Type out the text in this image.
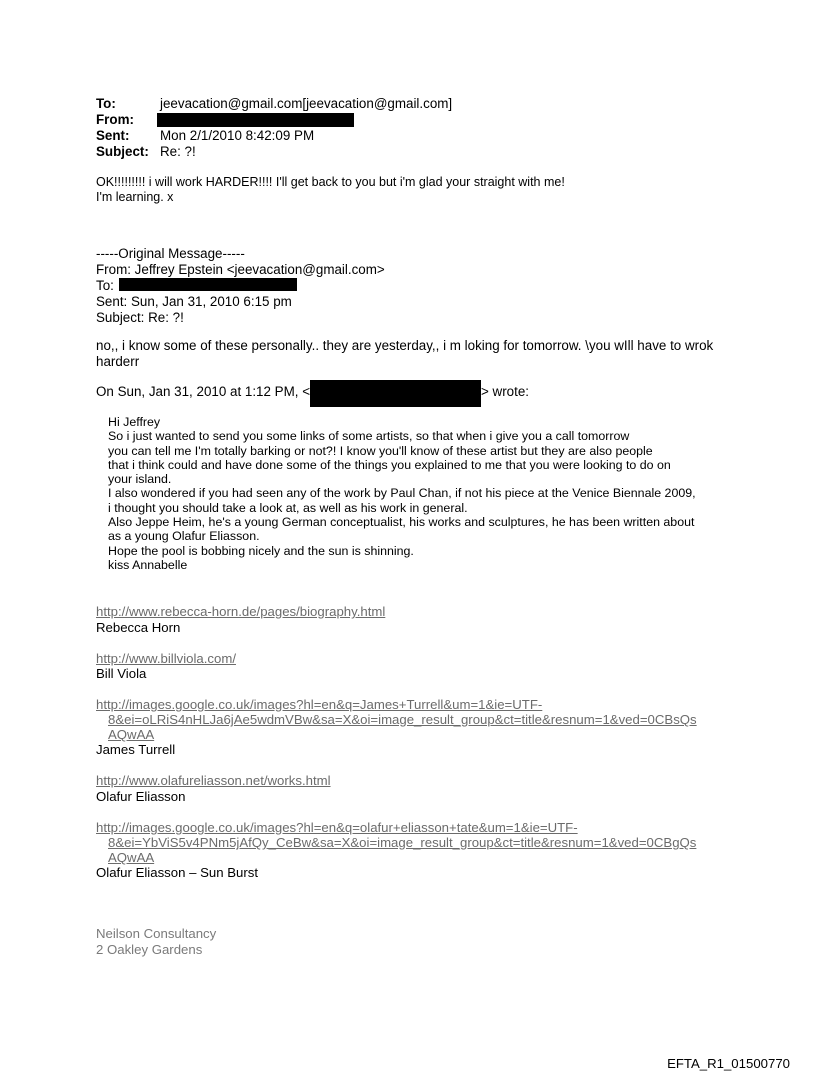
To:	jeevacation@gmail.com[jeevacation@gmail.com]
From:
Sent: Mon 2/1/2010 8:42:09 PM
Subject: Re: ?!
OK!!!!!!!!! i will work HARDER!!!! I'll get back to you but i'm glad your straight with me!
I'm learning. x
-----Original Message-----
From: Jeffrey Epstein <jeevacation@gmail.com>
To:
Sent: Sun, Jan 31, 2010 6:15 pm
Subject: Re: ?!
no,, i know some of these personally.. they are yesterday,, i m loking for tomorrow. \you wIll have to wrok
harderr
On Sun, Jan 31, 2010 at 1:12 PM, <	> wrote:
Hi Jeffrey
So i just wanted to send you some links of some artists, so that when i give you a call tomorrow
you can tell me I'm totally barking or not?! I know you'll know of these artist but they are also people
that i think could and have done some of the things you explained to me that you were looking to do on
your island.
I also wondered if you had seen any of the work by Paul Chan, if not his piece at the Venice Biennale 2009,
i thought you should take a look at, as well as his work in general.
Also Jeppe Heim, he's a young German conceptualist, his works and sculptures, he has been written about
as a young Olafur Eliasson.
Hope the pool is bobbing nicely and the sun is shinning.
kiss Annabelle
http://www.rebecca-horn.de/pages/biography.html
Rebecca Horn
http://www.billviola.com/
Bill Viola
http://images.google.co.uk/images?hl=en&q=James+Turrell&um=1&ie=UTF-
8&ei=oLRiS4nHLJa6jAe5wdmVBw&sa=X&oi=image_result_group&ct=title&resnum=1&ved=0CBsQs
AQwAA
James Turrell
http://www.olafureliasson.net/works.html
Olafur Eliasson
http://images.google.co.uk/images?hl=en&q=olafur+eliasson+tate&um=1&ie=UTF-
8&ei=YbViS5v4PNm5jAfQy_CeBw&sa=X&oi=image_result_group&ct=title&resnum=1&ved=0CBgQs
AQwAA
Olafur Eliasson – Sun Burst
Neilson Consultancy
2 Oakley Gardens
EFTA_R1_01500770
